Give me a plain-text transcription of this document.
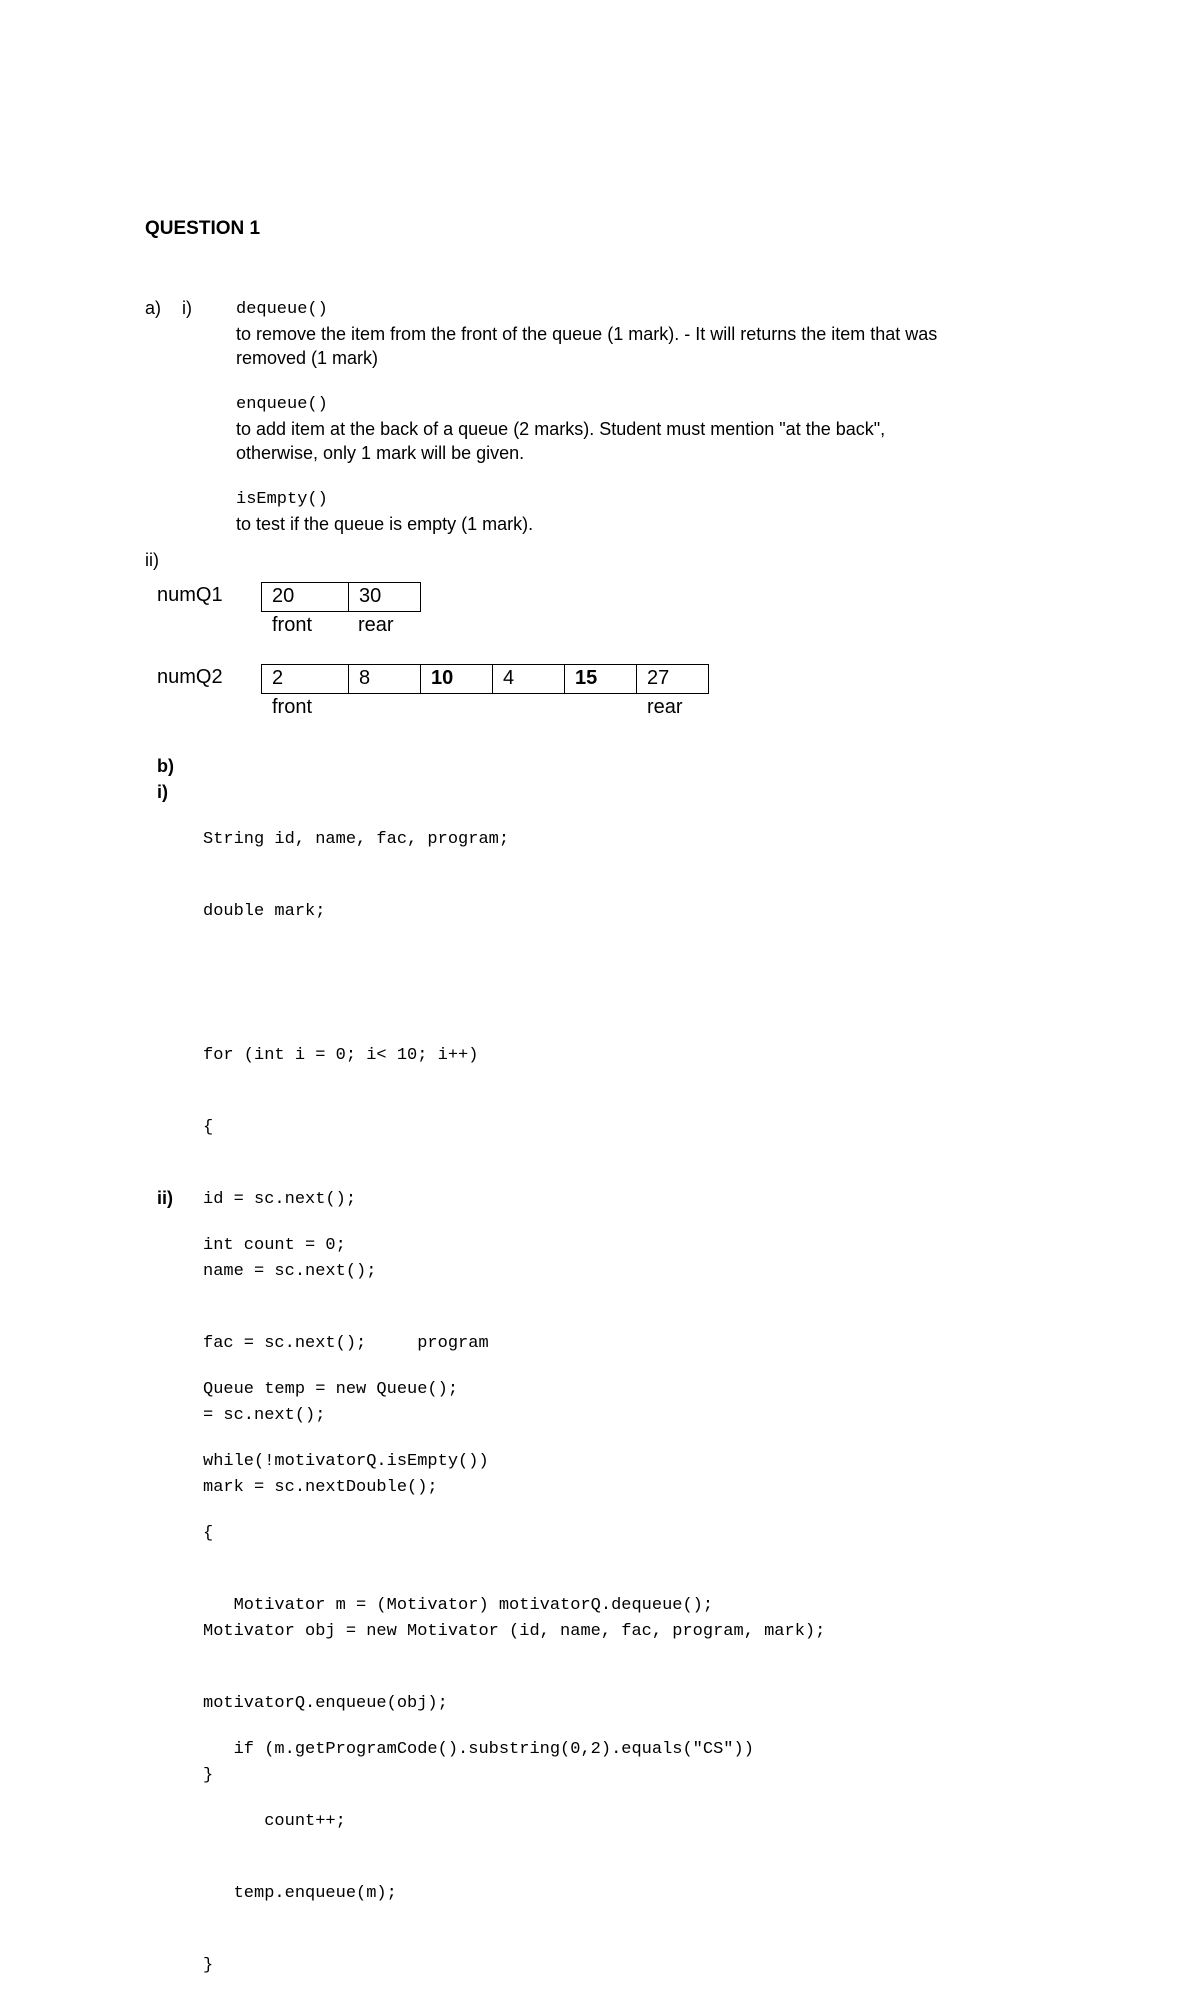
QUESTION 1
a) i)	dequeue()
to remove the item from the front of the queue (1 mark). - It will returns the item that was
removed (1 mark)
enqueue()
to add item at the back of a queue (2 marks). Student must mention "at the back",
otherwise, only 1 mark will be given.
isEmpty()
to test if the queue is empty (1 mark).
ii)
numQ1	20	30
front rear
numQ2	2	8	10	4	15	27
front	rear
b)
i)

String id, name, fac, program;

double mark;

for (int i = 0; i< 10; i++)

{

id = sc.next();

name = sc.next();

fac = sc.next();     program

= sc.next();

mark = sc.nextDouble();

Motivator obj = new Motivator (id, name, fac, program, mark);

motivatorQ.enqueue(obj);

}

ii)

int count = 0;

Queue temp = new Queue();

while(!motivatorQ.isEmpty())

{

Motivator m = (Motivator) motivatorQ.dequeue();

if (m.getProgramCode().substring(0,2).equals("CS"))

count++;

temp.enqueue(m);

}
